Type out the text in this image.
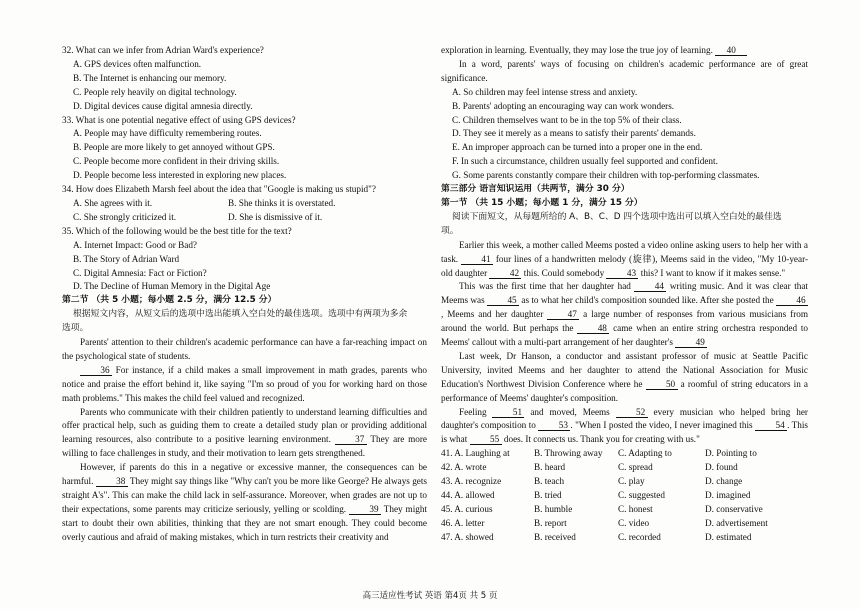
32. What can we infer from Adrian Ward's experience?
A. GPS devices often malfunction.
B. The Internet is enhancing our memory.
C. People rely heavily on digital technology.
D. Digital devices cause digital amnesia directly.
33. What is one potential negative effect of using GPS devices?
A. People may have difficulty remembering routes.
B. People are more likely to get annoyed without GPS.
C. People become more confident in their driving skills.
D. People become less interested in exploring new places.
34. How does Elizabeth Marsh feel about the idea that "Google is making us stupid"?
A. She agrees with it.	B. She thinks it is overstated.
C. She strongly criticized it.	D. She is dismissive of it.
35. Which of the following would be the best title for the text?
A. Internet Impact: Good or Bad?
B. The Story of Adrian Ward
C. Digital Amnesia: Fact or Fiction?
D. The Decline of Human Memory in the Digital Age
第二节 （共 5 小题；每小题 2.5 分，满分 12.5 分）
根据短文内容，从短文后的选项中选出能填入空白处的最佳选项。选项中有两项为多余
选项。
Parents' attention to their children's academic performance can have a far-reaching impact on the psychological state of students.
36 For instance, if a child makes a small improvement in math grades, parents who notice and praise the effort behind it, like saying "I'm so proud of you for working hard on those math problems." This makes the child feel valued and recognized.
Parents who communicate with their children patiently to understand learning difficulties and offer practical help, such as guiding them to create a detailed study plan or providing additional learning resources, also contribute to a positive learning environment.	37 They are more willing to face challenges in study, and their motivation to learn gets strengthened.
However, if parents do this in a negative or excessive manner, the consequences can be harmful. 38 They might say things like "Why can't you be more like George? He always gets straight A's". This can make the child lack in self-assurance. Moreover, when grades are not up to their expectations, some parents may criticize seriously, yelling or scolding.	39 They might start to doubt their own abilities, thinking that they are not smart enough. They could become overly cautious and afraid of making mistakes, which in turn restricts their creativity and
exploration in learning. Eventually, they may lose the true joy of learning. 40
In a word, parents' ways of focusing on children's academic performance are of great significance.
A. So children may feel intense stress and anxiety.
B. Parents' adopting an encouraging way can work wonders.
C. Children themselves want to be in the top 5% of their class.
D. They see it merely as a means to satisfy their parents' demands.
E. An improper approach can be turned into a proper one in the end.
F. In such a circumstance, children usually feel supported and confident.
G. Some parents constantly compare their children with top-performing classmates.
第三部分 语言知识运用（共两节，满分 30 分）
第一节 （共 15 小题；每小题 1 分，满分 15 分）
阅读下面短文，从每题所给的 A、B、C、D 四个选项中选出可以填入空白处的最佳选
项。
Earlier this week, a mother called Meems posted a video online asking users to help her with a task.	41 four lines of a handwritten melody (旋律), Meems said in the video, "My 10-year-old daughter 42 this. Could somebody 43 this? I want to know if it makes sense."
This was the first time that her daughter had 44 writing music. And it was clear that Meems was 45 as to what her child's composition sounded like. After she posted the 46, Meems and her daughter 47 a large number of responses from various musicians from around the world. But perhaps the 48 came when an entire string orchestra responded to Meems' callout with a multi-part arrangement of her daughter's 49
Last week, Dr Hanson, a conductor and assistant professor of music at Seattle Pacific University, invited Meems and her daughter to attend the National Association for Music Education's Northwest Division Conference where he 50 a roomful of string educators in a performance of Meems' daughter's composition.
Feeling 51 and moved, Meems 52 every musician who helped bring her daughter's composition to 53 . "When I posted the video, I never imagined this 54 . This is what 55 does. It connects us. Thank you for creating with us."
41. A. Laughing at	B. Throwing away	C. Adapting to	D. Pointing to
42. A. wrote	B. heard	C. spread	D. found
43. A. recognize	B. teach	C. play	D. change
44. A. allowed	B. tried	C. suggested	D. imagined
45. A. curious	B. humble	C. honest	D. conservative
46. A. letter	B. report	C. video	D. advertisement
47. A. showed	B. received	C. recorded	D. estimated
高三适应性考试 英语 第4页 共 5 页
